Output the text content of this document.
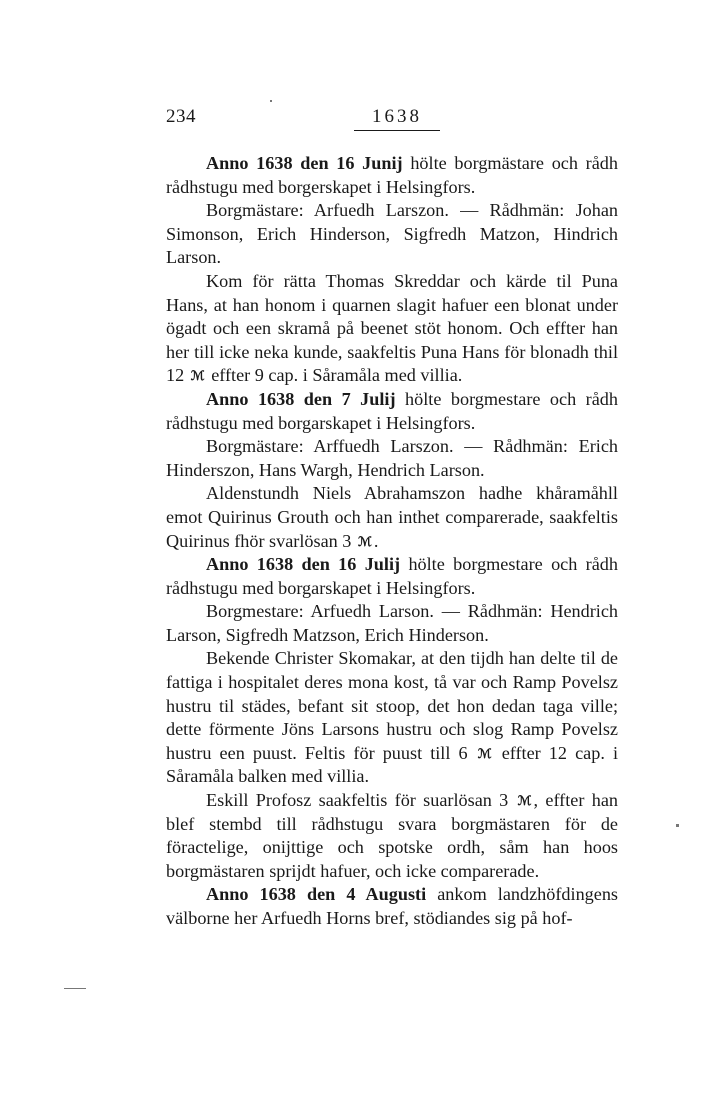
234	1638

Anno 1638 den 16 Junij hölte borgmästare och rådh rådhstugu med borgerskapet i Helsingfors.

Borgmästare: Arfuedh Larszon. — Rådhmän: Johan Simonson, Erich Hinderson, Sigfredh Matzon, Hindrich Larson.

Kom för rätta Thomas Skreddar och kärde til Puna Hans, at han honom i quarnen slagit hafuer een blonat under ögadt och een skramå på beenet stöt honom. Och effter han her till icke neka kunde, saakfeltis Puna Hans för blonadh thil 12 ℳ effter 9 cap. i Såramåla med villia.

Anno 1638 den 7 Julij hölte borgmestare och rådh rådhstugu med borgarskapet i Helsingfors.

Borgmästare: Arffuedh Larszon. — Rådhmän: Erich Hinderszon, Hans Wargh, Hendrich Larson.

Aldenstundh Niels Abrahamszon hadhe khåramåhll emot Quirinus Grouth och han inthet comparerade, saakfeltis Quirinus fhör svarlösan 3 ℳ .

Anno 1638 den 16 Julij hölte borgmestare och rådh rådhstugu med borgarskapet i Helsingfors.

Borgmestare: Arfuedh Larson. — Rådhmän: Hendrich Larson, Sigfredh Matzson, Erich Hinderson.

Bekende Christer Skomakar, at den tijdh han delte til de fattiga i hospitalet deres mona kost, tå var och Ramp Povelsz hustru til städes, befant sit stoop, det hon dedan taga ville; dette förmente Jöns Larsons hustru och slog Ramp Povelsz hustru een puust. Feltis för puust till 6 ℳ effter 12 cap. i Såramåla balken med villia.

Eskill Profosz saakfeltis för suarlösan 3 ℳ , effter han blef stembd till rådhstugu svara borgmästaren för de föractelige, onijttige och spotske ordh, såm han hoos borgmästaren sprijdt hafuer, och icke comparerade.

Anno 1638 den 4 Augusti ankom landzhöfdingens välborne her Arfuedh Horns bref, stödiandes sig på hof-
